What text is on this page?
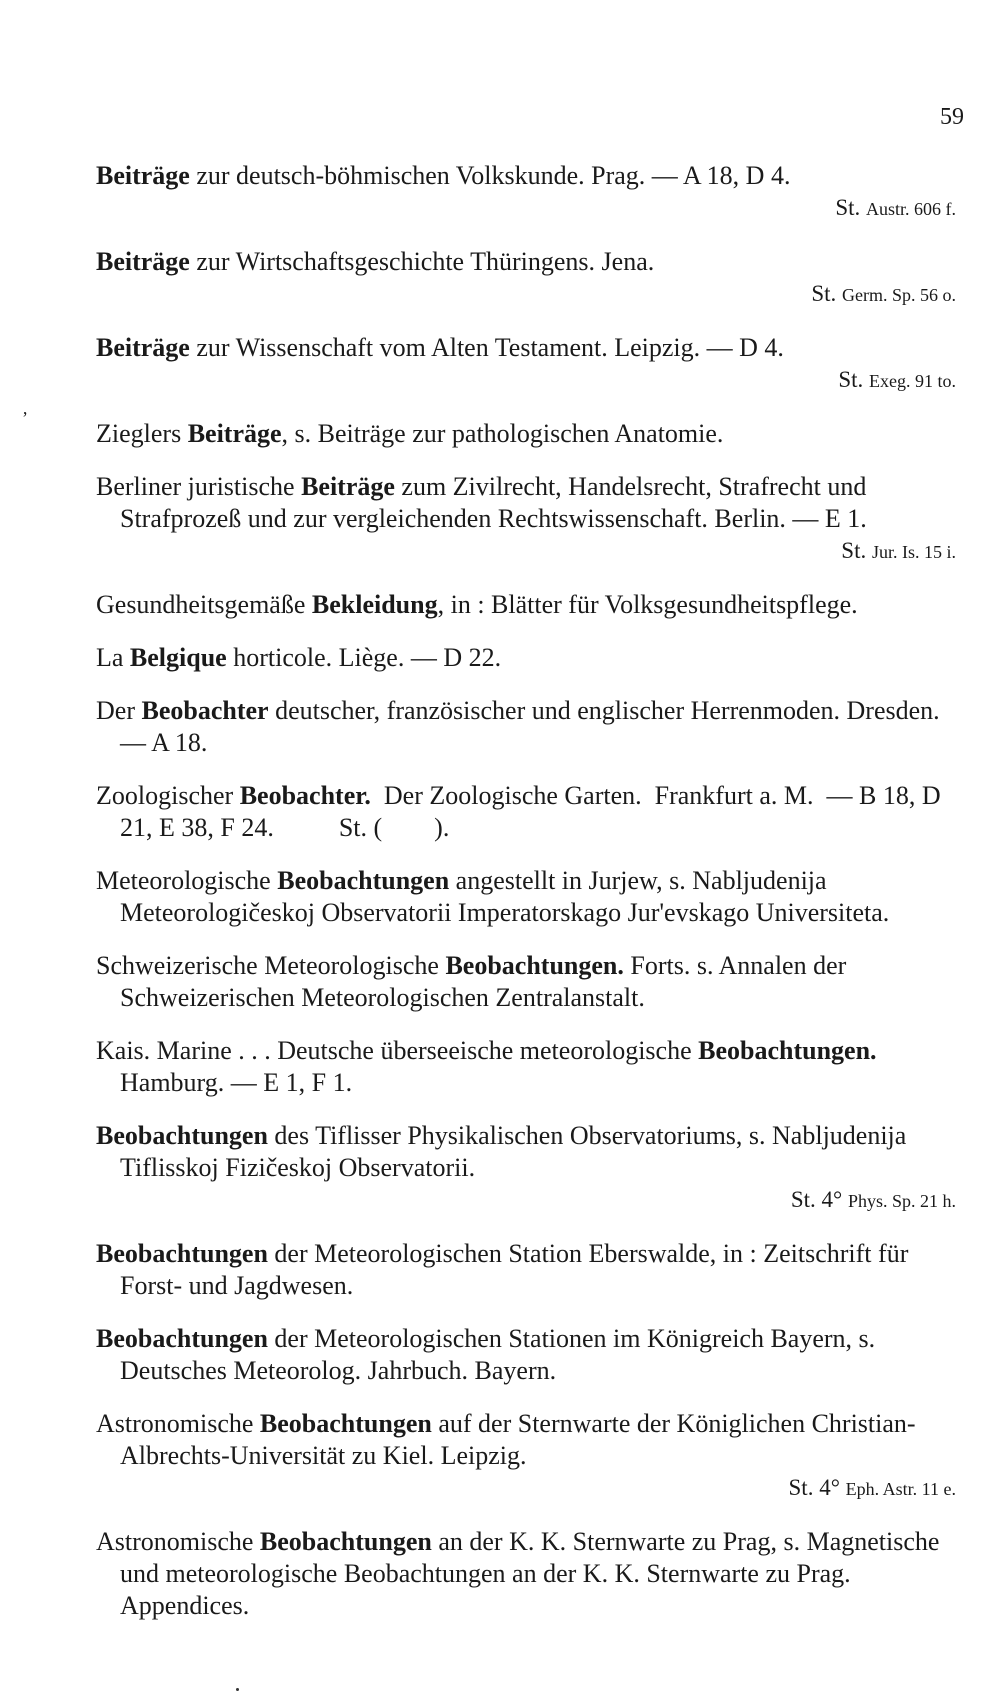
59
’
Beiträge zur deutsch-böhmischen Volkskunde. Prag. — A 18, D 4.
St. Austr. 606 f.
Beiträge zur Wirtschaftsgeschichte Thüringens. Jena.
St. Germ. Sp. 56 o.
Beiträge zur Wissenschaft vom Alten Testament. Leipzig. — D 4.
St. Exeg. 91 to.
Zieglers Beiträge, s. Beiträge zur pathologischen Anatomie.
Berliner juristische Beiträge zum Zivilrecht, Handelsrecht, Strafrecht und Strafprozeß und zur vergleichenden Rechtswissenschaft. Berlin. — E 1.
St. Jur. Is. 15 i.
Gesundheitsgemäße Bekleidung, in : Blätter für Volksgesundheitspflege.
La Belgique horticole. Liège. — D 22.
Der Beobachter deutscher, französischer und englischer Herrenmoden. Dresden. — A 18.
Zoologischer Beobachter.  Der Zoologische Garten.  Frankfurt a. M.  — B 18, D 21, E 38, F 24.          St. (        ).
Meteorologische Beobachtungen angestellt in Jurjew, s. Nabljudenija Meteorologičeskoj Observatorii Imperatorskago Jur'evskago Universiteta.
Schweizerische Meteorologische Beobachtungen. Forts. s. Annalen der Schweizerischen Meteorologischen Zentralanstalt.
Kais. Marine . . . Deutsche überseeische meteorologische Beobachtungen. Hamburg. — E 1, F 1.
Beobachtungen des Tiflisser Physikalischen Observatoriums, s. Nabljudenija Tiflisskoj Fizičeskoj Observatorii.
St. 4° Phys. Sp. 21 h.
Beobachtungen der Meteorologischen Station Eberswalde, in : Zeitschrift für Forst- und Jagdwesen.
Beobachtungen der Meteorologischen Stationen im Königreich Bayern, s. Deutsches Meteorolog. Jahrbuch. Bayern.
Astronomische Beobachtungen auf der Sternwarte der Königlichen Christian-Albrechts-Universität zu Kiel. Leipzig.
St. 4° Eph. Astr. 11 e.
Astronomische Beobachtungen an der K. K. Sternwarte zu Prag, s. Magnetische und meteorologische Beobachtungen an der K. K. Sternwarte zu Prag. Appendices.
